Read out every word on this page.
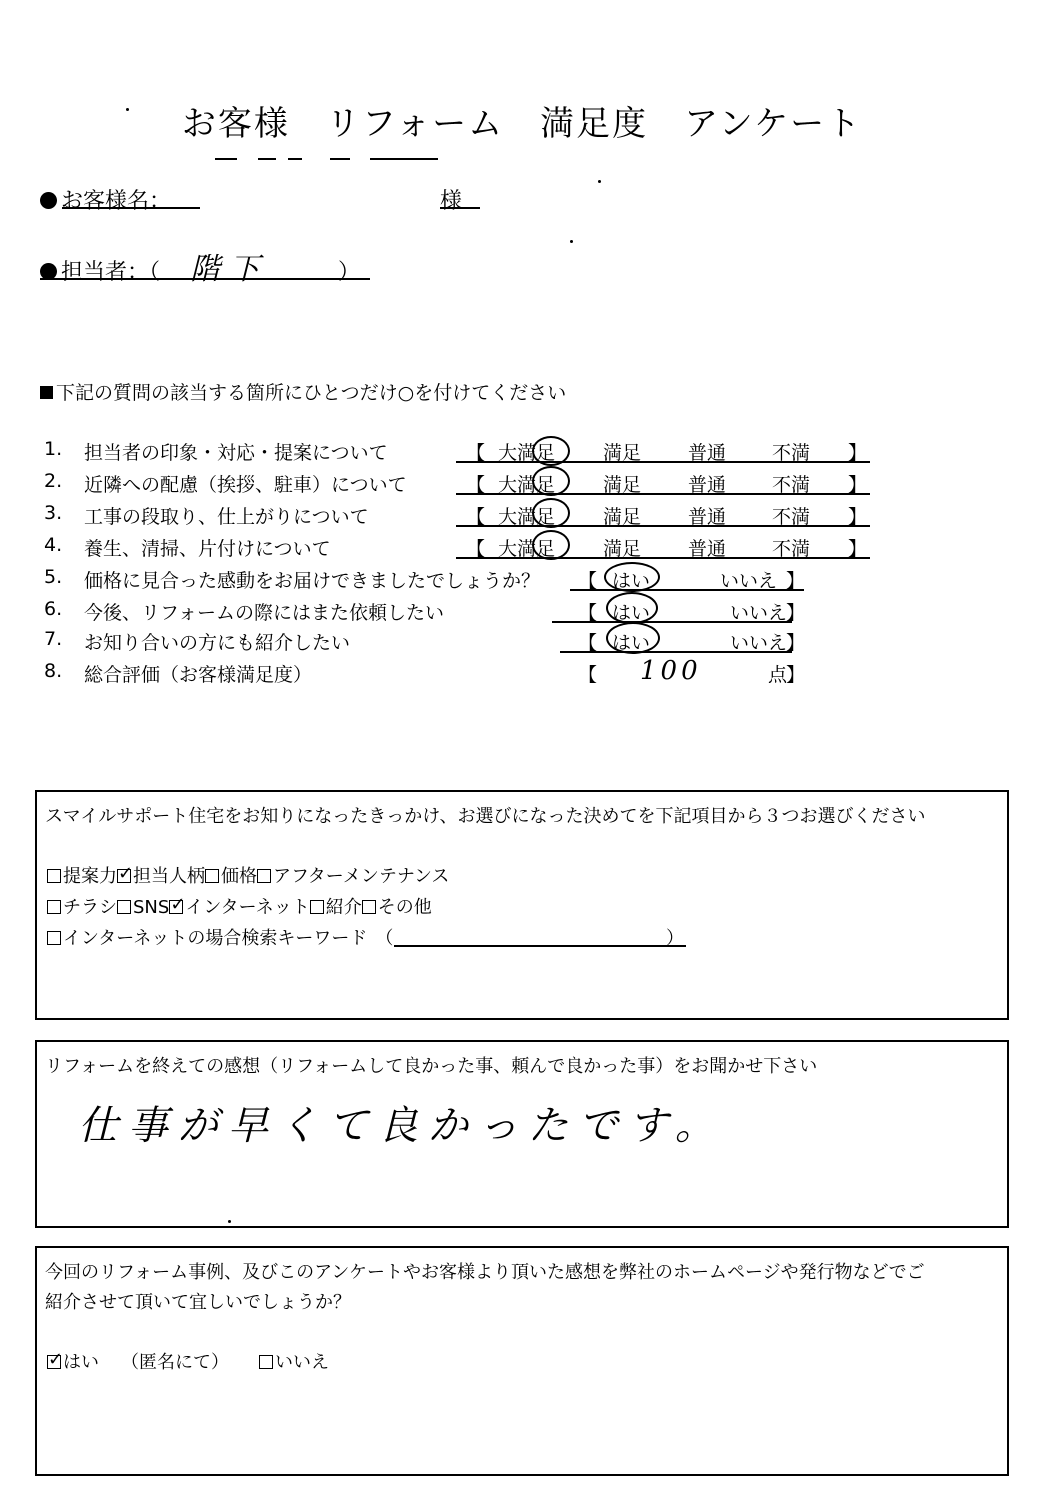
お客様　リフォーム　満足度　アンケート
お客様名：	様
担当者：（ 階 下	）
下記の質問の該当する箇所にひとつだけ○を付けてください
1.	担当者の印象・対応・提案について	【 大満足	満足 普通 不満 】
2.	近隣への配慮（挨拶、駐車）について	【 大満足	満足 普通 不満 】
3.	工事の段取り、仕上がりについて	【 大満足	満足 普通 不満 】
4.	養生、清掃、片付けについて	【 大満足	満足 普通 不満 】
5.	価格に見合った感動をお届けできましたでしょうか？ 【 はい	いいえ 】
6.	今後、リフォームの際にはまた依頼したい	【 はい	いいえ
】
7.	お知り合いの方にも紹介したい	【 はい	いいえ
】
8.	総合評価（お客様満足度）	【 100	点
】
スマイルサポート住宅をお知りになったきっかけ、お選びになった決めてを下記項目から３つお選びください
提案力 ✓ 担当人柄 価格 アフターメンテナンス
チラシ SNS ✓ インターネット 紹介 その他
インターネットの場合検索キーワード （	）
リフォームを終えての感想（リフォームして良かった事、頼んで良かった事）をお聞かせ下さい
仕事が早くて良かったです。
今回のリフォーム事例、及びこのアンケートやお客様より頂いた感想を弊社のホームページや発行物などでご
紹介させて頂いて宜しいでしょうか？
✓はい （匿名にて）	いいえ
